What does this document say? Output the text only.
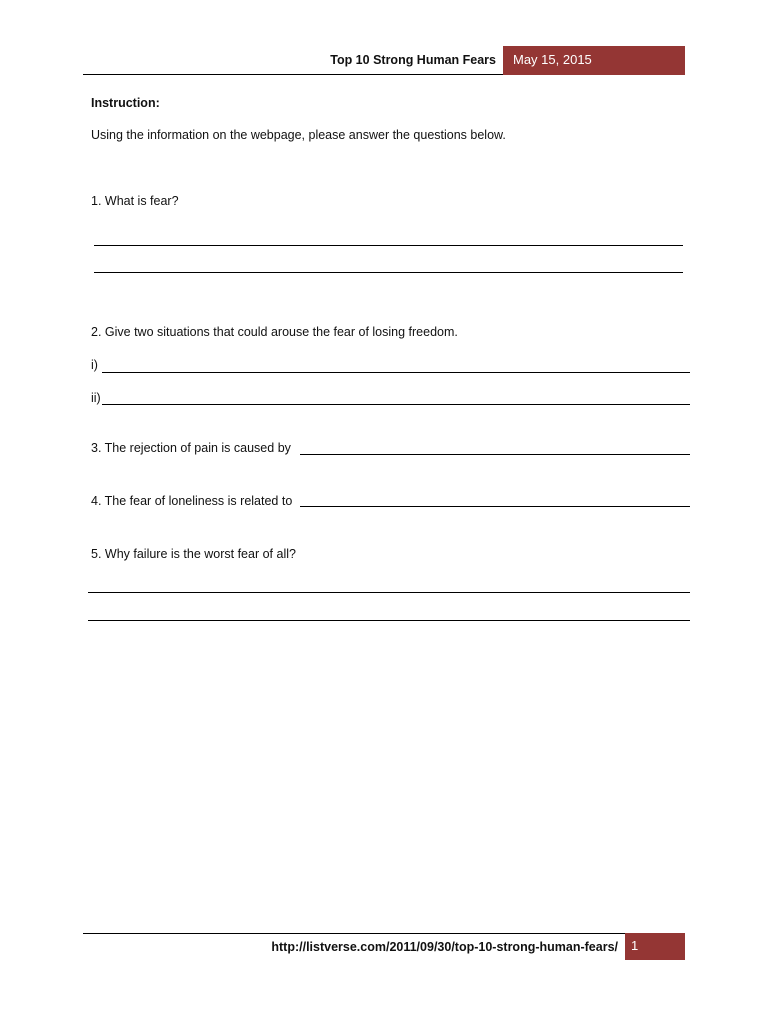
Top 10 Strong Human Fears	May 15, 2015
Instruction:
Using the information on the webpage, please answer the questions below.
1. What is fear?
2. Give two situations that could arouse the fear of losing freedom.
i)
ii)
3. The rejection of pain is caused by
4. The fear of loneliness is related to
5. Why failure is the worst fear of all?
http://listverse.com/2011/09/30/top-10-strong-human-fears/	1
